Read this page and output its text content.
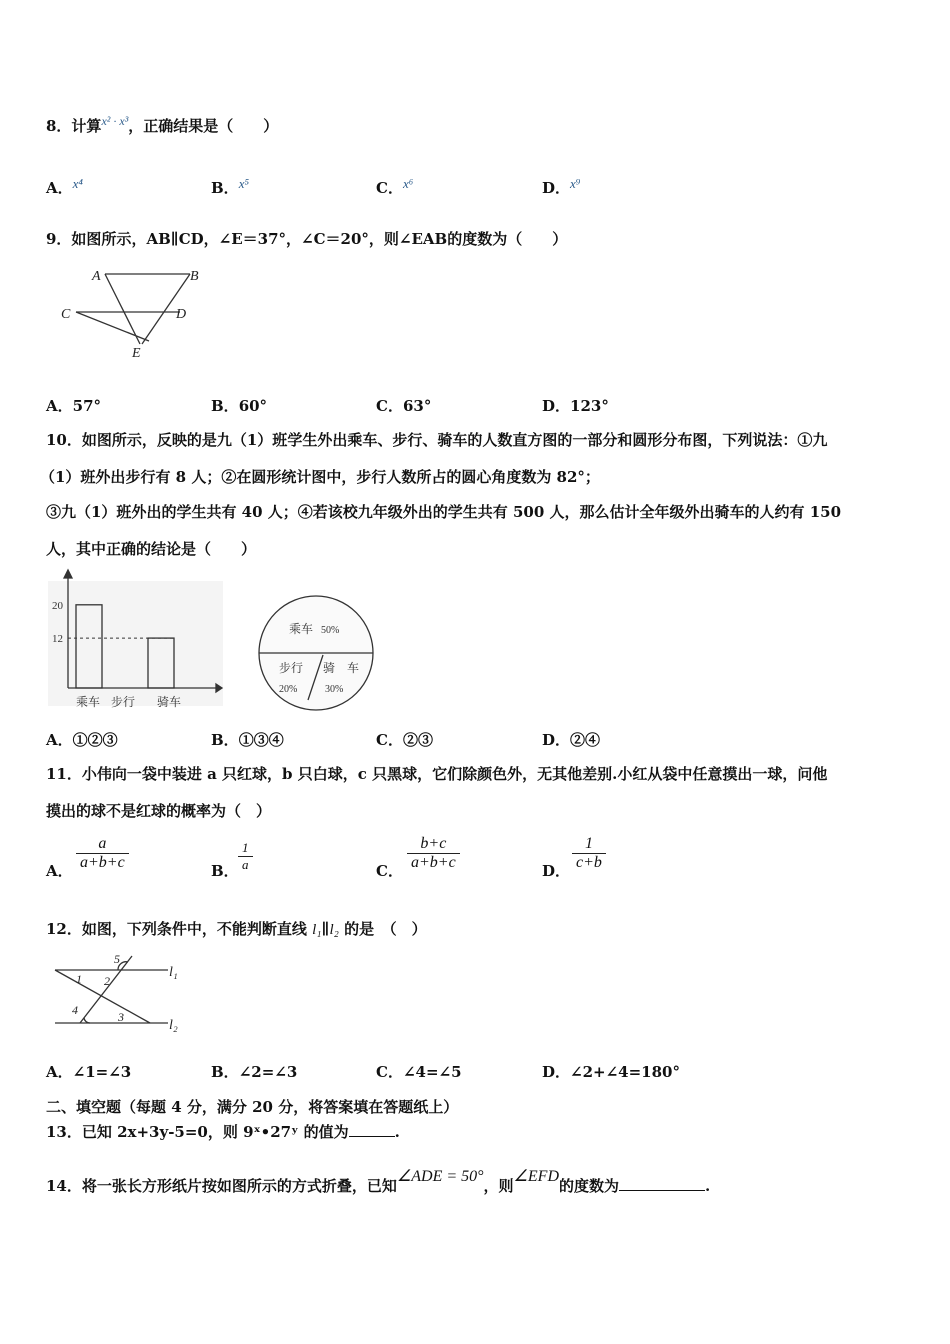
8．计算$^{x^2 \cdot x^3}$，正确结果是（　　）
A．x⁴	B．x⁵	C．x⁶	D．x⁹
9．如图所示，AB∥CD，∠E＝37°，∠C＝20°，则∠EAB的度数为（　　）
A	B
C	D
E
A．57°	B．60°	C．63°	D．123°
10．如图所示，反映的是九（1）班学生外出乘车、步行、骑车的人数直方图的一部分和圆形分布图，下列说法：①九
（1）班外出步行有 8 人；②在圆形统计图中，步行人数所占的圆心角度数为 82°；
③九（1）班外出的学生共有 40 人；④若该校九年级外出的学生共有 500 人，那么估计全年级外出骑车的人约有 150
人，其中正确的结论是（　　）
20
12
乘车 步行 骑车
乘车 50%
步行
20%
骑　车
30%
A．①②③	B．①③④	C．②③	D．②④
11．小伟向一袋中装进 a 只红球，b 只白球，c 只黑球，它们除颜色外，无其他差别.小红从袋中任意摸出一球，问他
摸出的球不是红球的概率为（　）
A． $\frac{a}{a+b+c}$	B． $\frac{1}{a}$	C． $\frac{b+c}{a+b+c}$	D． $\frac{1}{c+b}$
12．如图，下列条件中，不能判断直线 l₁∥l₂ 的是　（　）
1 2
3
4
5
l₁
l₂
A．∠1=∠3	B．∠2=∠3	C．∠4=∠5	D．∠2+∠4=180°
二、填空题（每题 4 分，满分 20 分，将答案填在答题纸上）
13．已知 2x+3y-5=0，则 9ˣ•27ʸ 的值为	.
14．将一张长方形纸片按如图所示的方式折叠，已知∠ADE = 50°，则∠EFD的度数为	.
